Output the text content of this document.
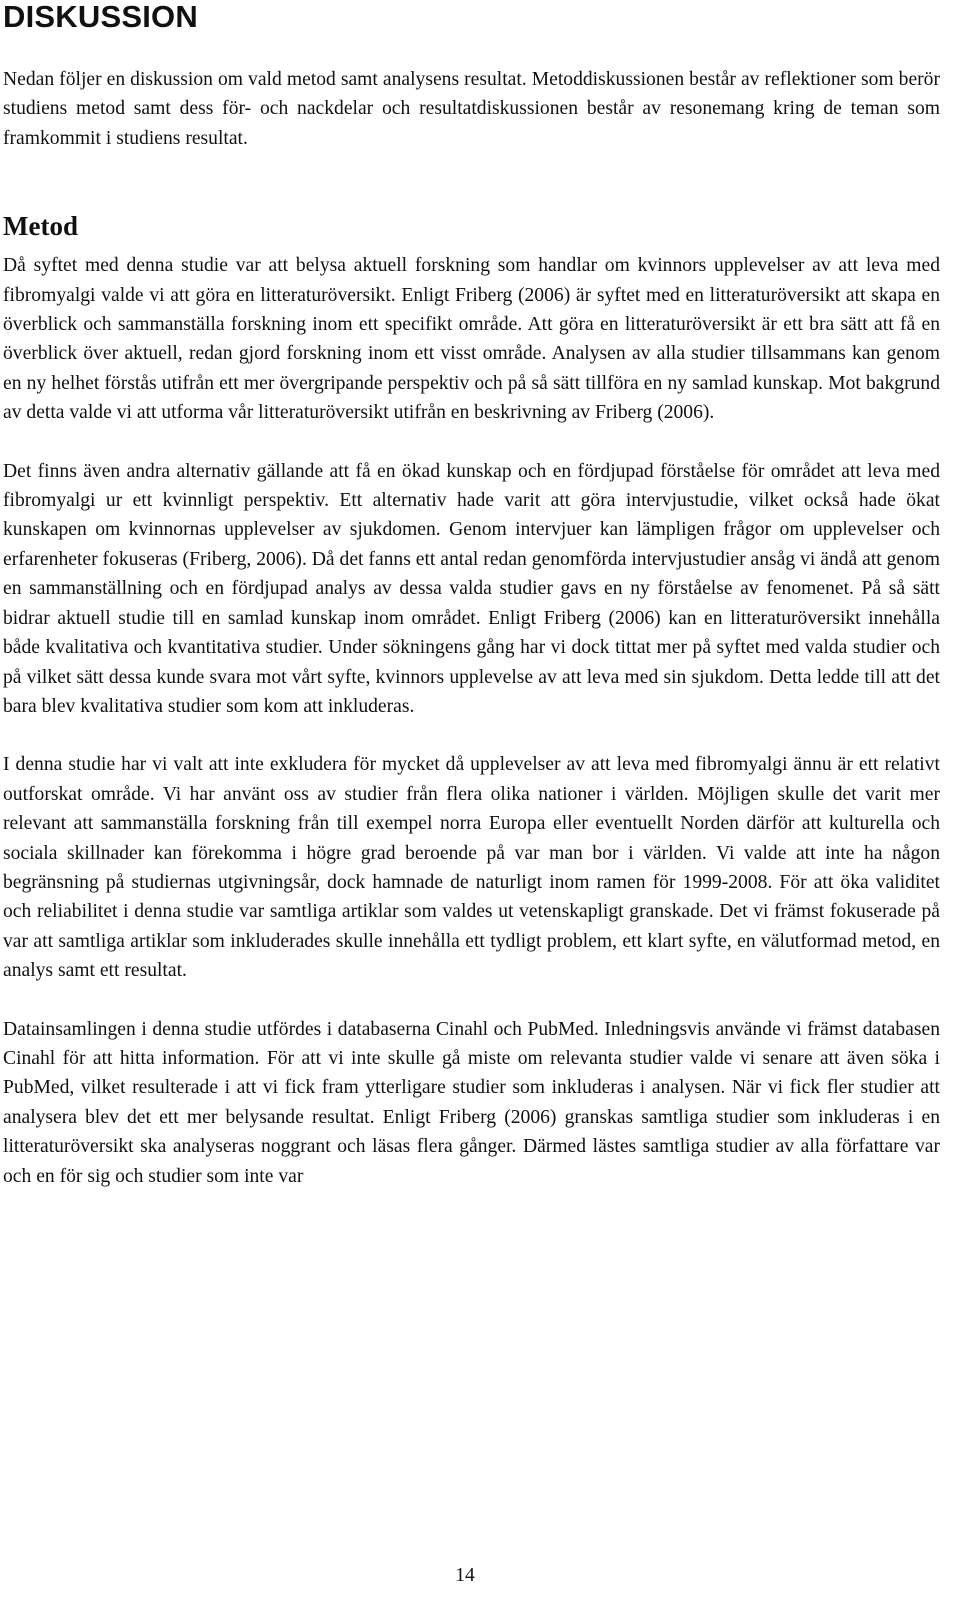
DISKUSSION

Nedan följer en diskussion om vald metod samt analysens resultat. Metoddiskussionen består av reflektioner som berör studiens metod samt dess för- och nackdelar och resultatdiskussionen består av resonemang kring de teman som framkommit i studiens resultat.

Metod

Då syftet med denna studie var att belysa aktuell forskning som handlar om kvinnors upplevelser av att leva med fibromyalgi valde vi att göra en litteraturöversikt. Enligt Friberg (2006) är syftet med en litteraturöversikt att skapa en överblick och sammanställa forskning inom ett specifikt område. Att göra en litteraturöversikt är ett bra sätt att få en överblick över aktuell, redan gjord forskning inom ett visst område. Analysen av alla studier tillsammans kan genom en ny helhet förstås utifrån ett mer övergripande perspektiv och på så sätt tillföra en ny samlad kunskap. Mot bakgrund av detta valde vi att utforma vår litteraturöversikt utifrån en beskrivning av Friberg (2006).

Det finns även andra alternativ gällande att få en ökad kunskap och en fördjupad förståelse för området att leva med fibromyalgi ur ett kvinnligt perspektiv. Ett alternativ hade varit att göra intervjustudie, vilket också hade ökat kunskapen om kvinnornas upplevelser av sjukdomen. Genom intervjuer kan lämpligen frågor om upplevelser och erfarenheter fokuseras (Friberg, 2006). Då det fanns ett antal redan genomförda intervjustudier ansåg vi ändå att genom en sammanställning och en fördjupad analys av dessa valda studier gavs en ny förståelse av fenomenet. På så sätt bidrar aktuell studie till en samlad kunskap inom området. Enligt Friberg (2006) kan en litteraturöversikt innehålla både kvalitativa och kvantitativa studier. Under sökningens gång har vi dock tittat mer på syftet med valda studier och på vilket sätt dessa kunde svara mot vårt syfte, kvinnors upplevelse av att leva med sin sjukdom. Detta ledde till att det bara blev kvalitativa studier som kom att inkluderas.

I denna studie har vi valt att inte exkludera för mycket då upplevelser av att leva med fibromyalgi ännu är ett relativt outforskat område. Vi har använt oss av studier från flera olika nationer i världen. Möjligen skulle det varit mer relevant att sammanställa forskning från till exempel norra Europa eller eventuellt Norden därför att kulturella och sociala skillnader kan förekomma i högre grad beroende på var man bor i världen. Vi valde att inte ha någon begränsning på studiernas utgivningsår, dock hamnade de naturligt inom ramen för 1999-2008. För att öka validitet och reliabilitet i denna studie var samtliga artiklar som valdes ut vetenskapligt granskade. Det vi främst fokuserade på var att samtliga artiklar som inkluderades skulle innehålla ett tydligt problem, ett klart syfte, en välutformad metod, en analys samt ett resultat.

Datainsamlingen i denna studie utfördes i databaserna Cinahl och PubMed. Inledningsvis använde vi främst databasen Cinahl för att hitta information. För att vi inte skulle gå miste om relevanta studier valde vi senare att även söka i PubMed, vilket resulterade i att vi fick fram ytterligare studier som inkluderas i analysen. När vi fick fler studier att analysera blev det ett mer belysande resultat. Enligt Friberg (2006) granskas samtliga studier som inkluderas i en litteraturöversikt ska analyseras noggrant och läsas flera gånger. Därmed lästes samtliga studier av alla författare var och en för sig och studier som inte var

14
